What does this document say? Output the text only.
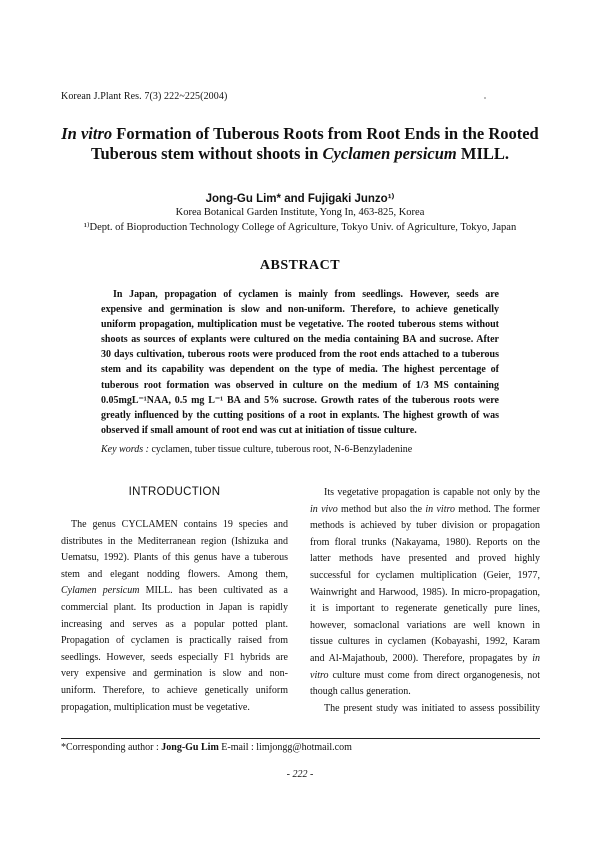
Korean J.Plant Res. 7(3) 222~225(2004)
In vitro Formation of Tuberous Roots from Root Ends in the Rooted
Tuberous stem without shoots in Cyclamen persicum MILL.
Jong-Gu Lim* and Fujigaki Junzo¹⁾
Korea Botanical Garden Institute, Yong In, 463-825, Korea
¹⁾Dept. of Bioproduction Technology College of Agriculture, Tokyo Univ. of Agriculture, Tokyo, Japan
ABSTRACT
In Japan, propagation of cyclamen is mainly from seedlings. However, seeds are
expensive and germination is slow and non-uniform. Therefore, to achieve genetically
uniform propagation, multiplication must be vegetative. The rooted tuberous stems without
shoots as sources of explants were cultured on the media containing BA and sucrose. After
30 days cultivation, tuberous roots were produced from the root ends attached to a tuberous
stem and its capability was dependent on the type of media. The highest percentage of
tuberous root formation was observed in culture on the medium of 1/3 MS containing
0.05mgL⁻¹NAA, 0.5 mg L⁻¹ BA and 5% sucrose. Growth rates of the tuberous roots were
greatly influenced by the cutting positions of a root in explants. The highest growth of was
observed if small amount of root end was cut at initiation of tissue culture.
Key words : cyclamen, tuber tissue culture, tuberous root, N-6-Benzyladenine
INTRODUCTION
The genus CYCLAMEN contains 19 species and
distributes in the Mediterranean region (Ishizuka and
Uematsu, 1992). Plants of this genus have a tuberous
stem and elegant nodding flowers. Among them,
Cylamen persicum MILL. has been cultivated as a
commercial plant. Its production in Japan is rapidly
increasing and serves as a popular potted plant.
Propagation of cyclamen is practically raised from
seedlings. However, seeds especially F1 hybrids are
very expensive and germination is slow and non-
uniform. Therefore, to achieve genetically uniform
propagation, multiplication must be vegetative.
Its vegetative propagation is capable not only by the
in vivo method but also the in vitro method. The former
methods is achieved by tuber division or propagation
from floral trunks (Nakayama, 1980). Reports on the
latter methods have presented and proved highly
successful for cyclamen multiplication (Geier, 1977,
Wainwright and Harwood, 1985). In micro-propagation,
it is important to regenerate genetically pure lines,
however, somaclonal variations are well known in
tissue cultures in cyclamen (Kobayashi, 1992, Karam
and Al-Majathoub, 2000). Therefore, propagates by in
vitro culture must come from direct organogenesis, not
though callus generation.
The present study was initiated to assess possibility
*Corresponding author : Jong-Gu Lim E-mail : limjongg@hotmail.com
- 222 -
